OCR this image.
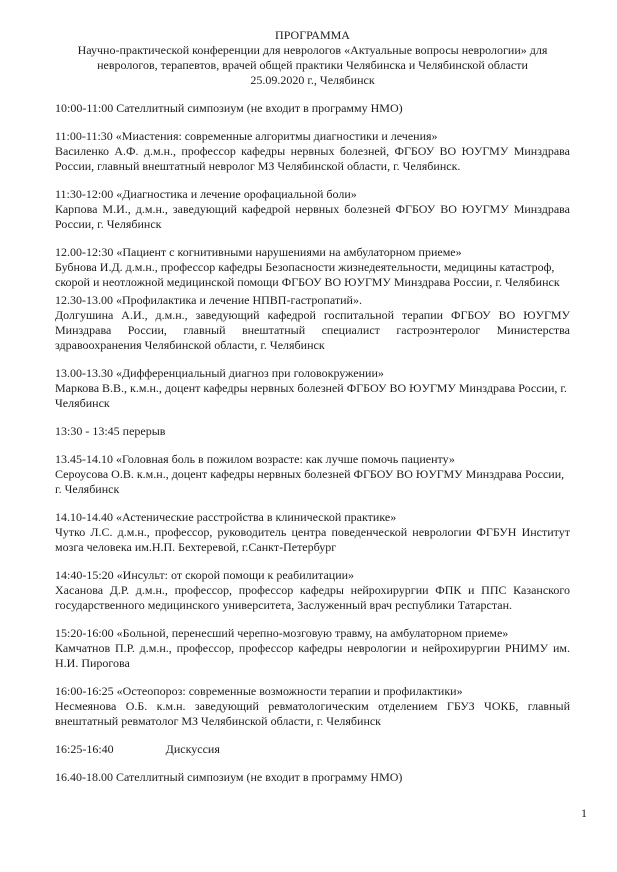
ПРОГРАММА

Научно-практической конференции для неврологов «Актуальные вопросы неврологии» для неврологов, терапевтов, врачей общей практики Челябинска и Челябинской области

25.09.2020 г., Челябинск

10:00-11:00 Сателлитный симпозиум (не входит в программу НМО)

11:00-11:30 «Миастения: современные алгоритмы диагностики и лечения»

Василенко А.Ф. д.м.н., профессор кафедры нервных болезней, ФГБОУ ВО ЮУГМУ Минздрава России, главный внештатный невролог МЗ Челябинской области, г. Челябинск.

11:30-12:00 «Диагностика и лечение орофациальной боли»

Карпова М.И., д.м.н., заведующий кафедрой нервных болезней ФГБОУ ВО ЮУГМУ Минздрава России, г. Челябинск

12.00-12:30 «Пациент с когнитивными нарушениями на амбулаторном приеме»

Бубнова И.Д. д.м.н., профессор кафедры Безопасности жизнедеятельности, медицины катастроф, скорой и неотложной медицинской помощи ФГБОУ ВО ЮУГМУ Минздрава России, г. Челябинск

12.30-13.00 «Профилактика и лечение НПВП-гастропатий».

Долгушина А.И., д.м.н., заведующий кафедрой госпитальной терапии ФГБОУ ВО ЮУГМУ Минздрава России, главный внештатный специалист гастроэнтеролог Министерства здравоохранения Челябинской области, г. Челябинск

13.00-13.30 «Дифференциальный диагноз при головокружении»

Маркова В.В., к.м.н., доцент кафедры нервных болезней ФГБОУ ВО ЮУГМУ Минздрава России, г. Челябинск

13:30 - 13:45 перерыв

13.45-14.10 «Головная боль в пожилом возрасте: как лучше помочь пациенту»

Сероусова О.В. к.м.н., доцент кафедры нервных болезней ФГБОУ ВО ЮУГМУ Минздрава России, г. Челябинск

14.10-14.40 «Астенические расстройства в клинической практике»

Чутко Л.С. д.м.н., профессор, руководитель центра поведенческой неврологии ФГБУН Институт мозга человека им.Н.П. Бехтеревой, г.Санкт-Петербург

14:40-15:20 «Инсульт: от скорой помощи к реабилитации»

Хасанова Д.Р. д.м.н., профессор, профессор кафедры нейрохирургии ФПК и ППС Казанского государственного медицинского университета, Заслуженный врач республики Татарстан.

15:20-16:00 «Больной, перенесший черепно-мозговую травму, на амбулаторном приеме»

Камчатнов П.Р. д.м.н., профессор, профессор кафедры неврологии и нейрохирургии РНИМУ им. Н.И. Пирогова

16:00-16:25 «Остеопороз: современные возможности терапии и профилактики»

Несмеянова О.Б. к.м.н. заведующий ревматологическим отделением ГБУЗ ЧОКБ, главный внештатный ревматолог МЗ Челябинской области, г. Челябинск

16:25-16:40	Дискуссия

16.40-18.00 Сателлитный симпозиум (не входит в программу НМО)

1
